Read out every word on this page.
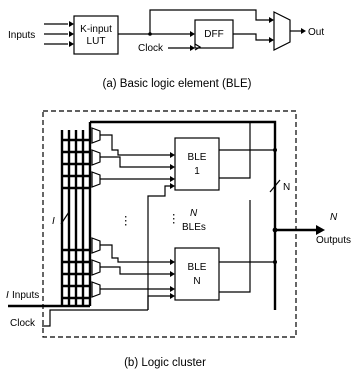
Inputs
K-input
LUT
DFF
Clock
Out
(a) Basic logic element (BLE)
I
N
BLE
1
⋮	⋮ N
BLEs
BLE
N
N
Outputs
I Inputs
Clock
(b) Logic cluster
